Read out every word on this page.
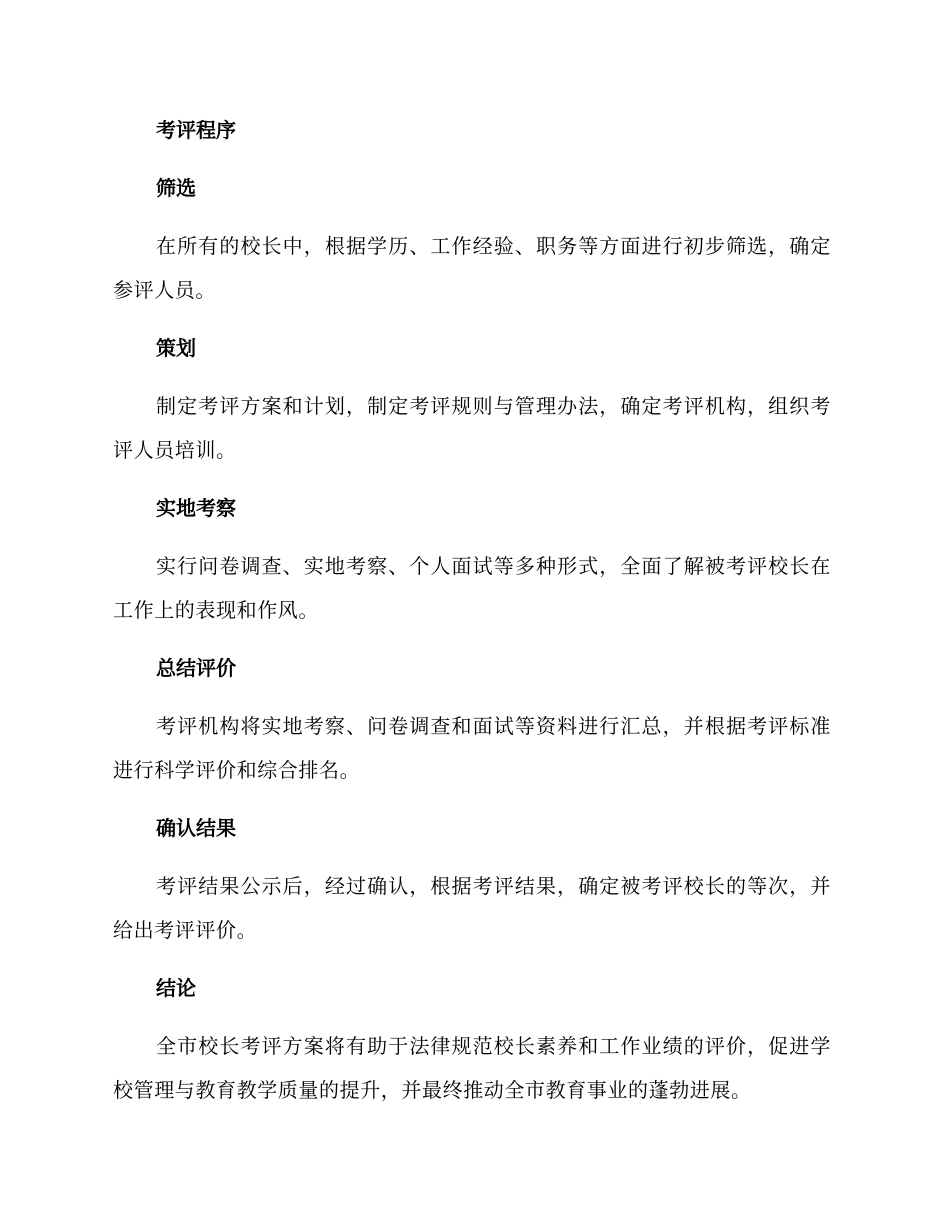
考评程序
筛选
在所有的校长中，根据学历、工作经验、职务等方面进行初步筛选，确定参评人员。
策划
制定考评方案和计划，制定考评规则与管理办法，确定考评机构，组织考评人员培训。
实地考察
实行问卷调查、实地考察、个人面试等多种形式，全面了解被考评校长在工作上的表现和作风。
总结评价
考评机构将实地考察、问卷调查和面试等资料进行汇总，并根据考评标准进行科学评价和综合排名。
确认结果
考评结果公示后，经过确认，根据考评结果，确定被考评校长的等次，并给出考评评价。
结论
全市校长考评方案将有助于法律规范校长素养和工作业绩的评价，促进学校管理与教育教学质量的提升，并最终推动全市教育事业的蓬勃进展。
